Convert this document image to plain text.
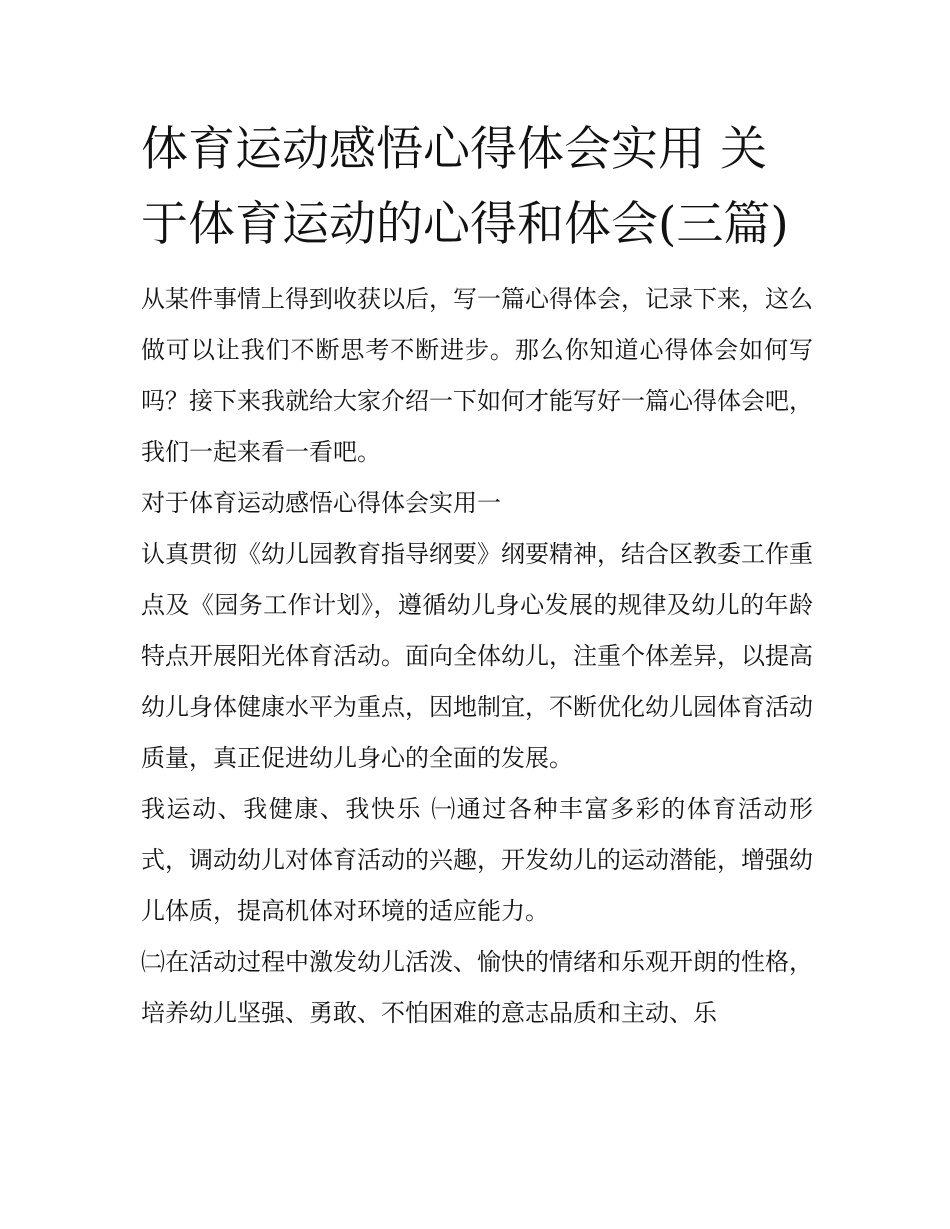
体育运动感悟心得体会实用 关于体育运动的心得和体会(三篇)

从某件事情上得到收获以后，写一篇心得体会，记录下来，这么做可以让我们不断思考不断进步。那么你知道心得体会如何写吗？接下来我就给大家介绍一下如何才能写好一篇心得体会吧，我们一起来看一看吧。

对于体育运动感悟心得体会实用一

认真贯彻《幼儿园教育指导纲要》纲要精神，结合区教委工作重点及《园务工作计划》，遵循幼儿身心发展的规律及幼儿的年龄特点开展阳光体育活动。面向全体幼儿，注重个体差异，以提高幼儿身体健康水平为重点，因地制宜，不断优化幼儿园体育活动质量，真正促进幼儿身心的全面的发展。

我运动、我健康、我快乐 ㈠通过各种丰富多彩的体育活动形式，调动幼儿对体育活动的兴趣，开发幼儿的运动潜能，增强幼儿体质，提高机体对环境的适应能力。

㈡在活动过程中激发幼儿活泼、愉快的情绪和乐观开朗的性格，培养幼儿坚强、勇敢、不怕困难的意志品质和主动、乐
